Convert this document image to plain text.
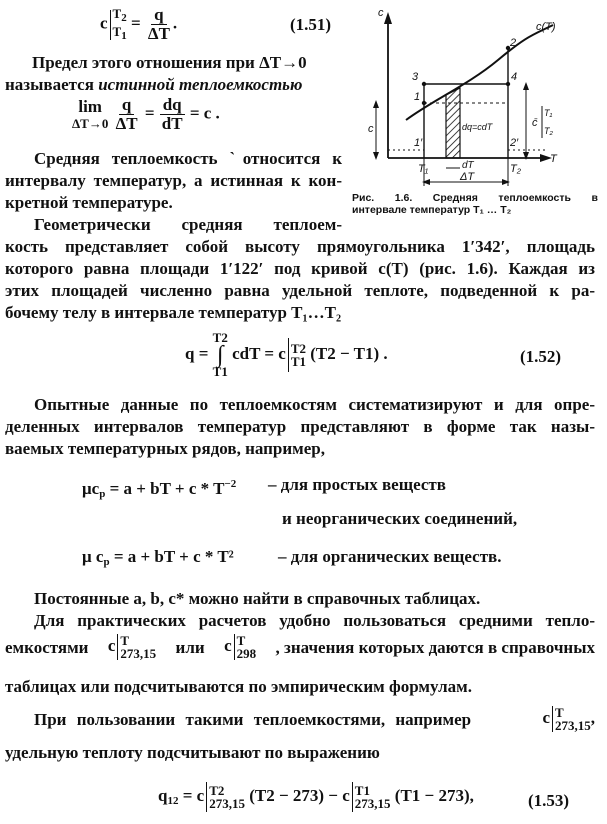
c
$T_2$
$T_1$
= $\frac{q}{\Delta T}$ .	(1.51)
Предел этого отношения при ΔT→0
называется истинной теплоемкостью
lim
ΔT→0
$\frac{q}{\Delta T} = \frac{dq}{dT} = c$ .
Средняя теплоемкость ˋотносится к
интервалу температур, а истинная к кон-
кретной температуре.
Геометрически средняя теплоем-
кость представляет собой высоту прямоугольника 1′342′, площадь
которого равна площади 1′122′ под кривой c(T) (рис. 1.6). Каждая из
этих площадей численно равна удельной теплоте, подведенной к ра-
бочему телу в интервале температур T₁…T₂
q =
T2
∫
T1
cdT = c T2
T1 (T2 − T1) .	(1.52)
Опытные данные по теплоемкостям систематизируют и для опре-
деленных интервалов температур представляют в форме так назы-
ваемых температурных рядов, например,
$\mu c_p = a$ + bT + c * $T^{-2}$ – для простых веществ
и неорганических соединений,
μ $c_p = a$ + bT + c * T²	– для органических веществ.
Постоянные a, b, c* можно найти в справочных таблицах.
Для практических расчетов удобно пользоваться средними тепло-
емкостями c T
273,15 или c T
298 , значения которых даются в справочных
таблицах или подсчитываются по эмпирическим формулам.
При пользовании такими теплоемкостями, например	c T
273,15 ,
удельную теплоту подсчитывают по выражению
$q_{12} = c$ T2
273,15 (T2 − 273) − c T1
273,15 (T1 − 273),	(1.53)
c
T
c(T)
2
3	4
1
1′	2′
c	dq=cdT
dT
T₁	T₂
ΔT
c̄
T₁
T₂
Рис. 1.6. Средняя теплоемкость в
интервале температур T₁ … T₂
